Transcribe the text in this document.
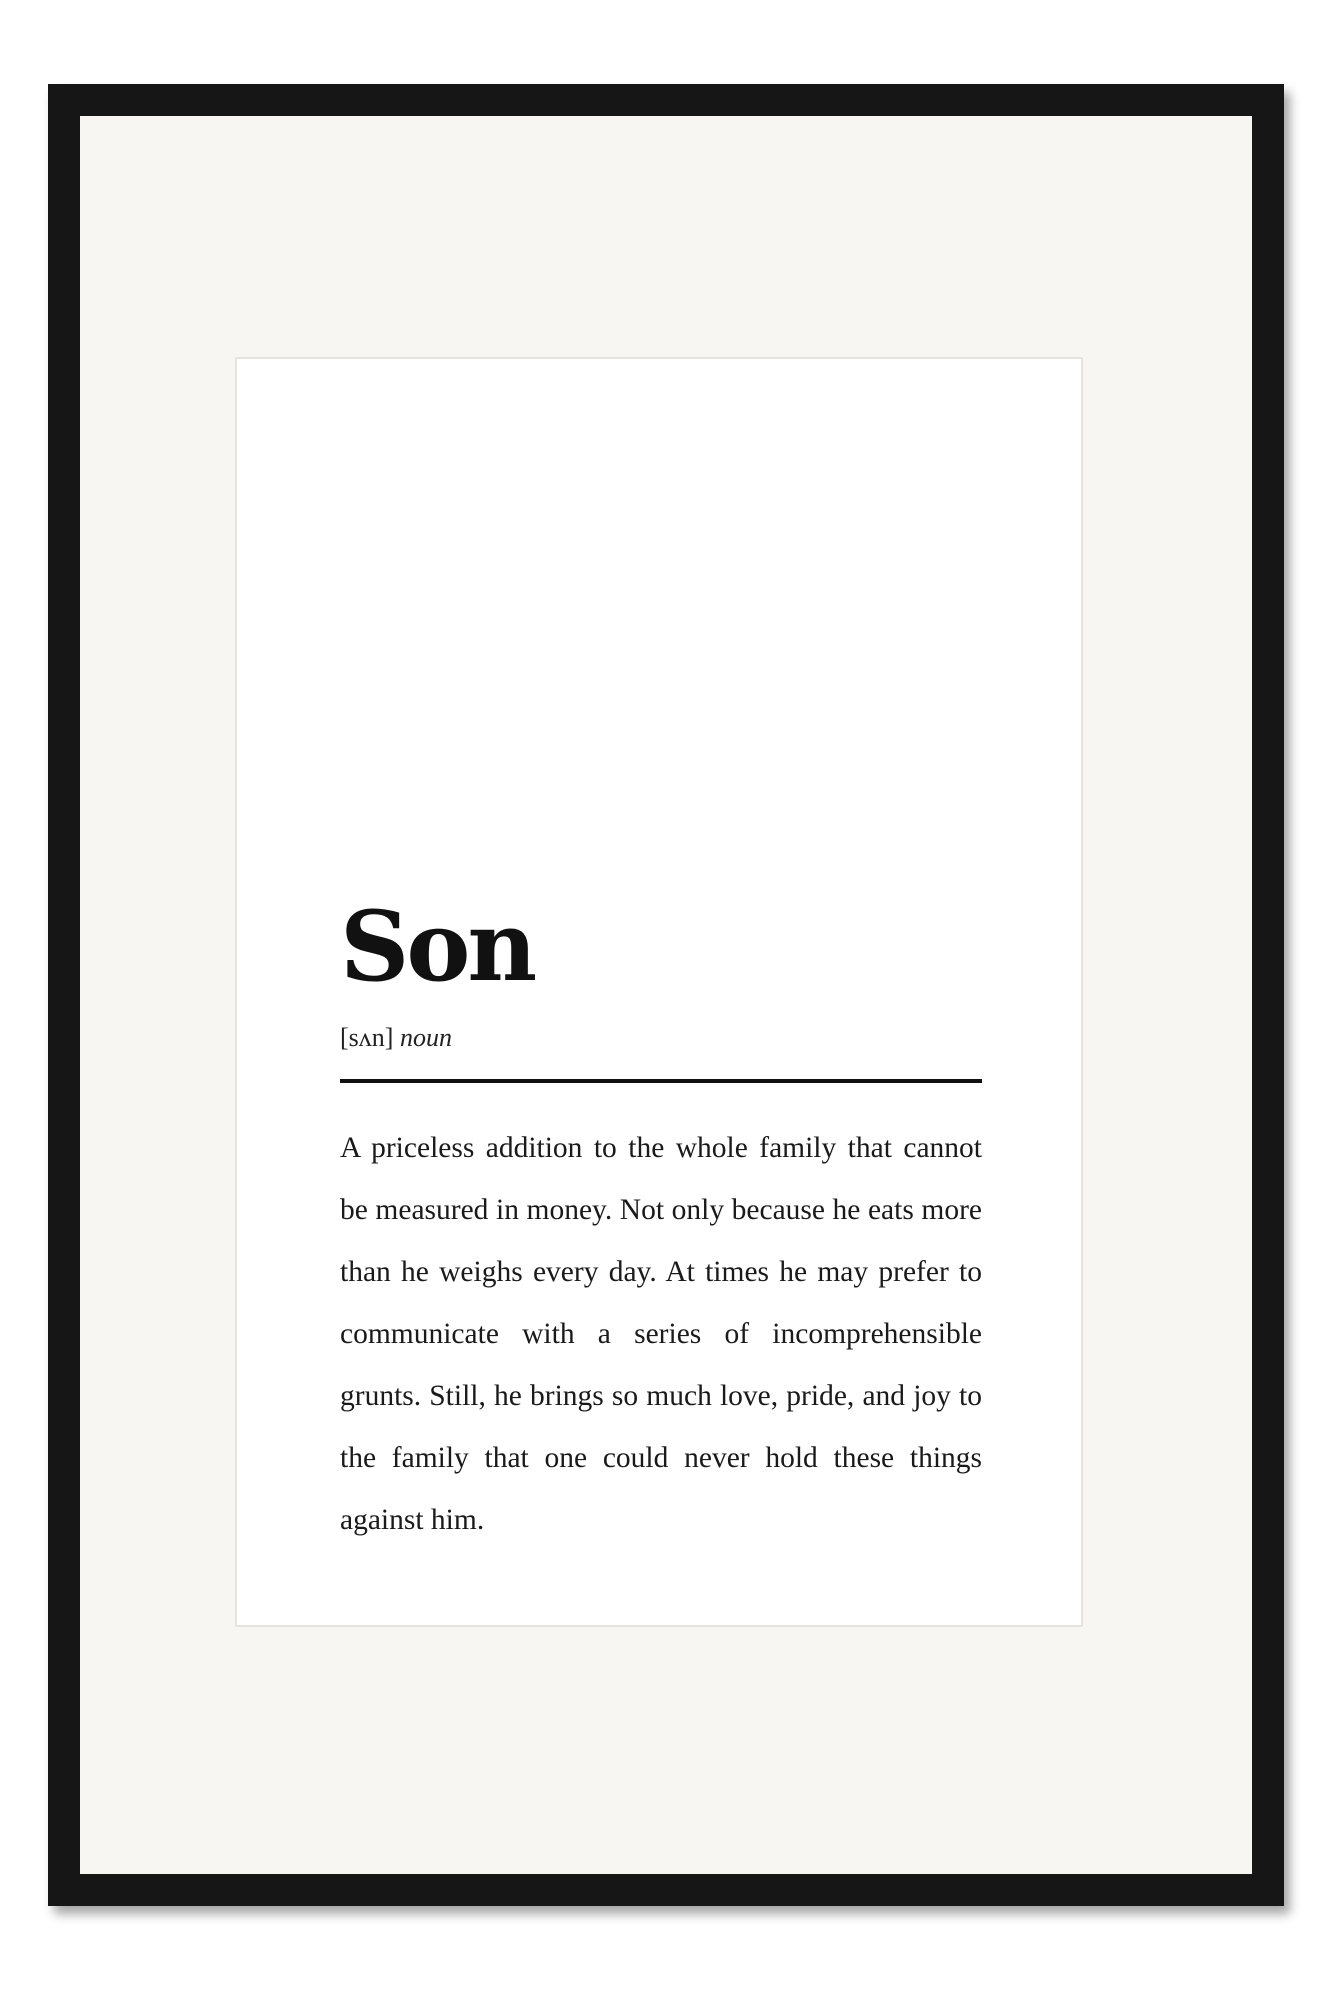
Son
[sʌn] noun

A priceless addition to the whole family that cannot be measured in money. Not only because he eats more than he weighs every day. At times he may prefer to communicate with a series of incomprehensible grunts. Still, he brings so much love, pride, and joy to the family that one could never hold these things against him.
